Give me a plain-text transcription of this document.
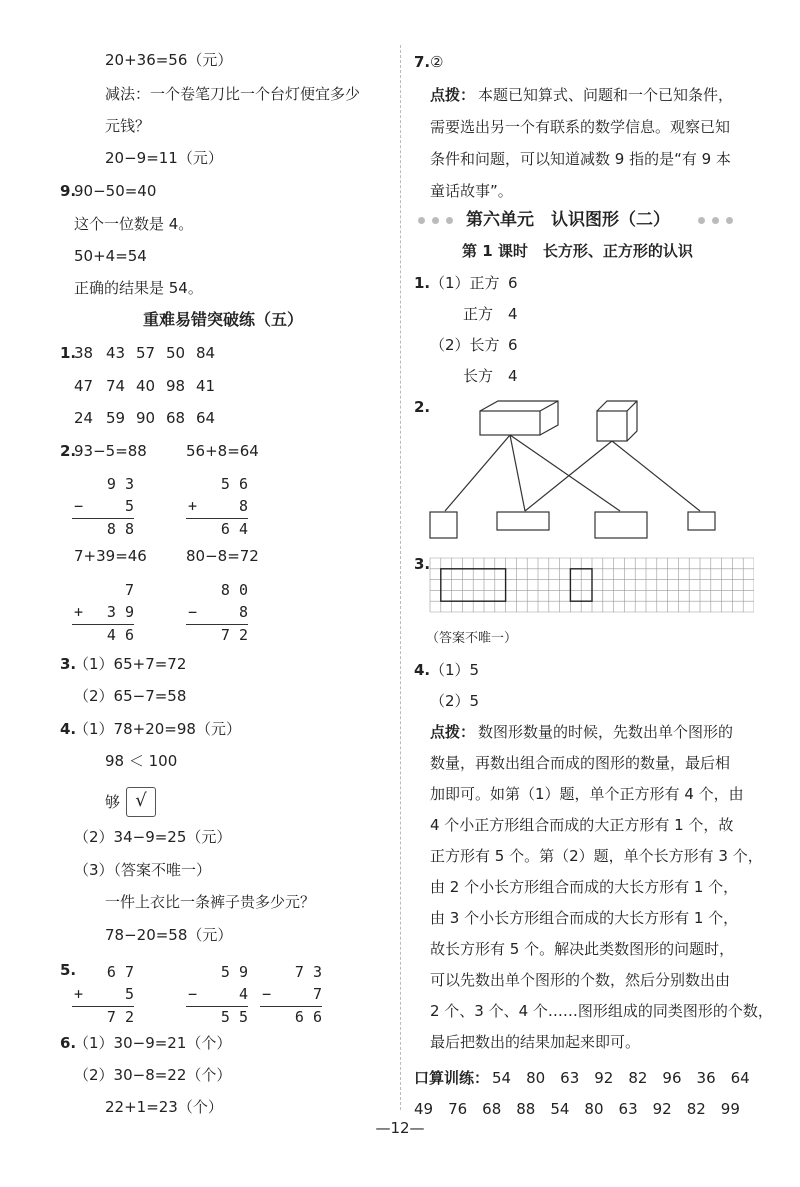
20+36=56（元）
减法：一个卷笔刀比一个台灯便宜多少
元钱？
20−9=11（元）
9.
90−50=40
这个一位数是 4。
50+4=54
正确的结果是 54。
重难易错突破练（五）
1.
38 43 57 50 84
47 74 40 98 41
24 59 90 68 64
2.
93−5=88	56+8=64
7+39=46	80−8=72
9 3
−	5
8 8
5 6
+	8
6 4
7
+	3 9
4 6
8 0
−	8
7 2
6 7
+	5
7 2
5 9
−	4
5 5
7 3
−	7
6 6
3.
（1）65+7=72
（2）65−7=58
4.
（1）78+20=98（元）
98 ＜ 100
够 √
（2）34−9=25（元）
（3）（答案不唯一）
一件上衣比一条裤子贵多少元？
78−20=58（元）
5.
6.
（1）30−9=21（个）
（2）30−8=22（个）
22+1=23（个）
7. ②
点拨： 本题已知算式、问题和一个已知条件，
需要选出另一个有联系的数学信息。观察已知
条件和问题，可以知道减数 9 指的是“有 9 本
童话故事”。
第六单元　认识图形（二）
第 1 课时　长方形、正方形的认识
1. （1）正方 6
正方 4
（2）长方 6
长方 4
2.
3.
（答案不唯一）
4. （1）5
（2）5
点拨： 数图形数量的时候，先数出单个图形的
数量，再数出组合而成的图形的数量，最后相
加即可。如第（1）题，单个正方形有 4 个，由
4 个小正方形组合而成的大正方形有 1 个，故
正方形有 5 个。第（2）题，单个长方形有 3 个，
由 2 个小长方形组合而成的大长方形有 1 个，
由 3 个小长方形组合而成的大长方形有 1 个，
故长方形有 5 个。解决此类数图形的问题时，
可以先数出单个图形的个数，然后分别数出由
2 个、3 个、4 个……图形组成的同类图形的个数，
最后把数出的结果加起来即可。
口算训练： 54　80　63　92　82　96　36　64
49　76　68　88　54　80　63　92　82　99
—12—
